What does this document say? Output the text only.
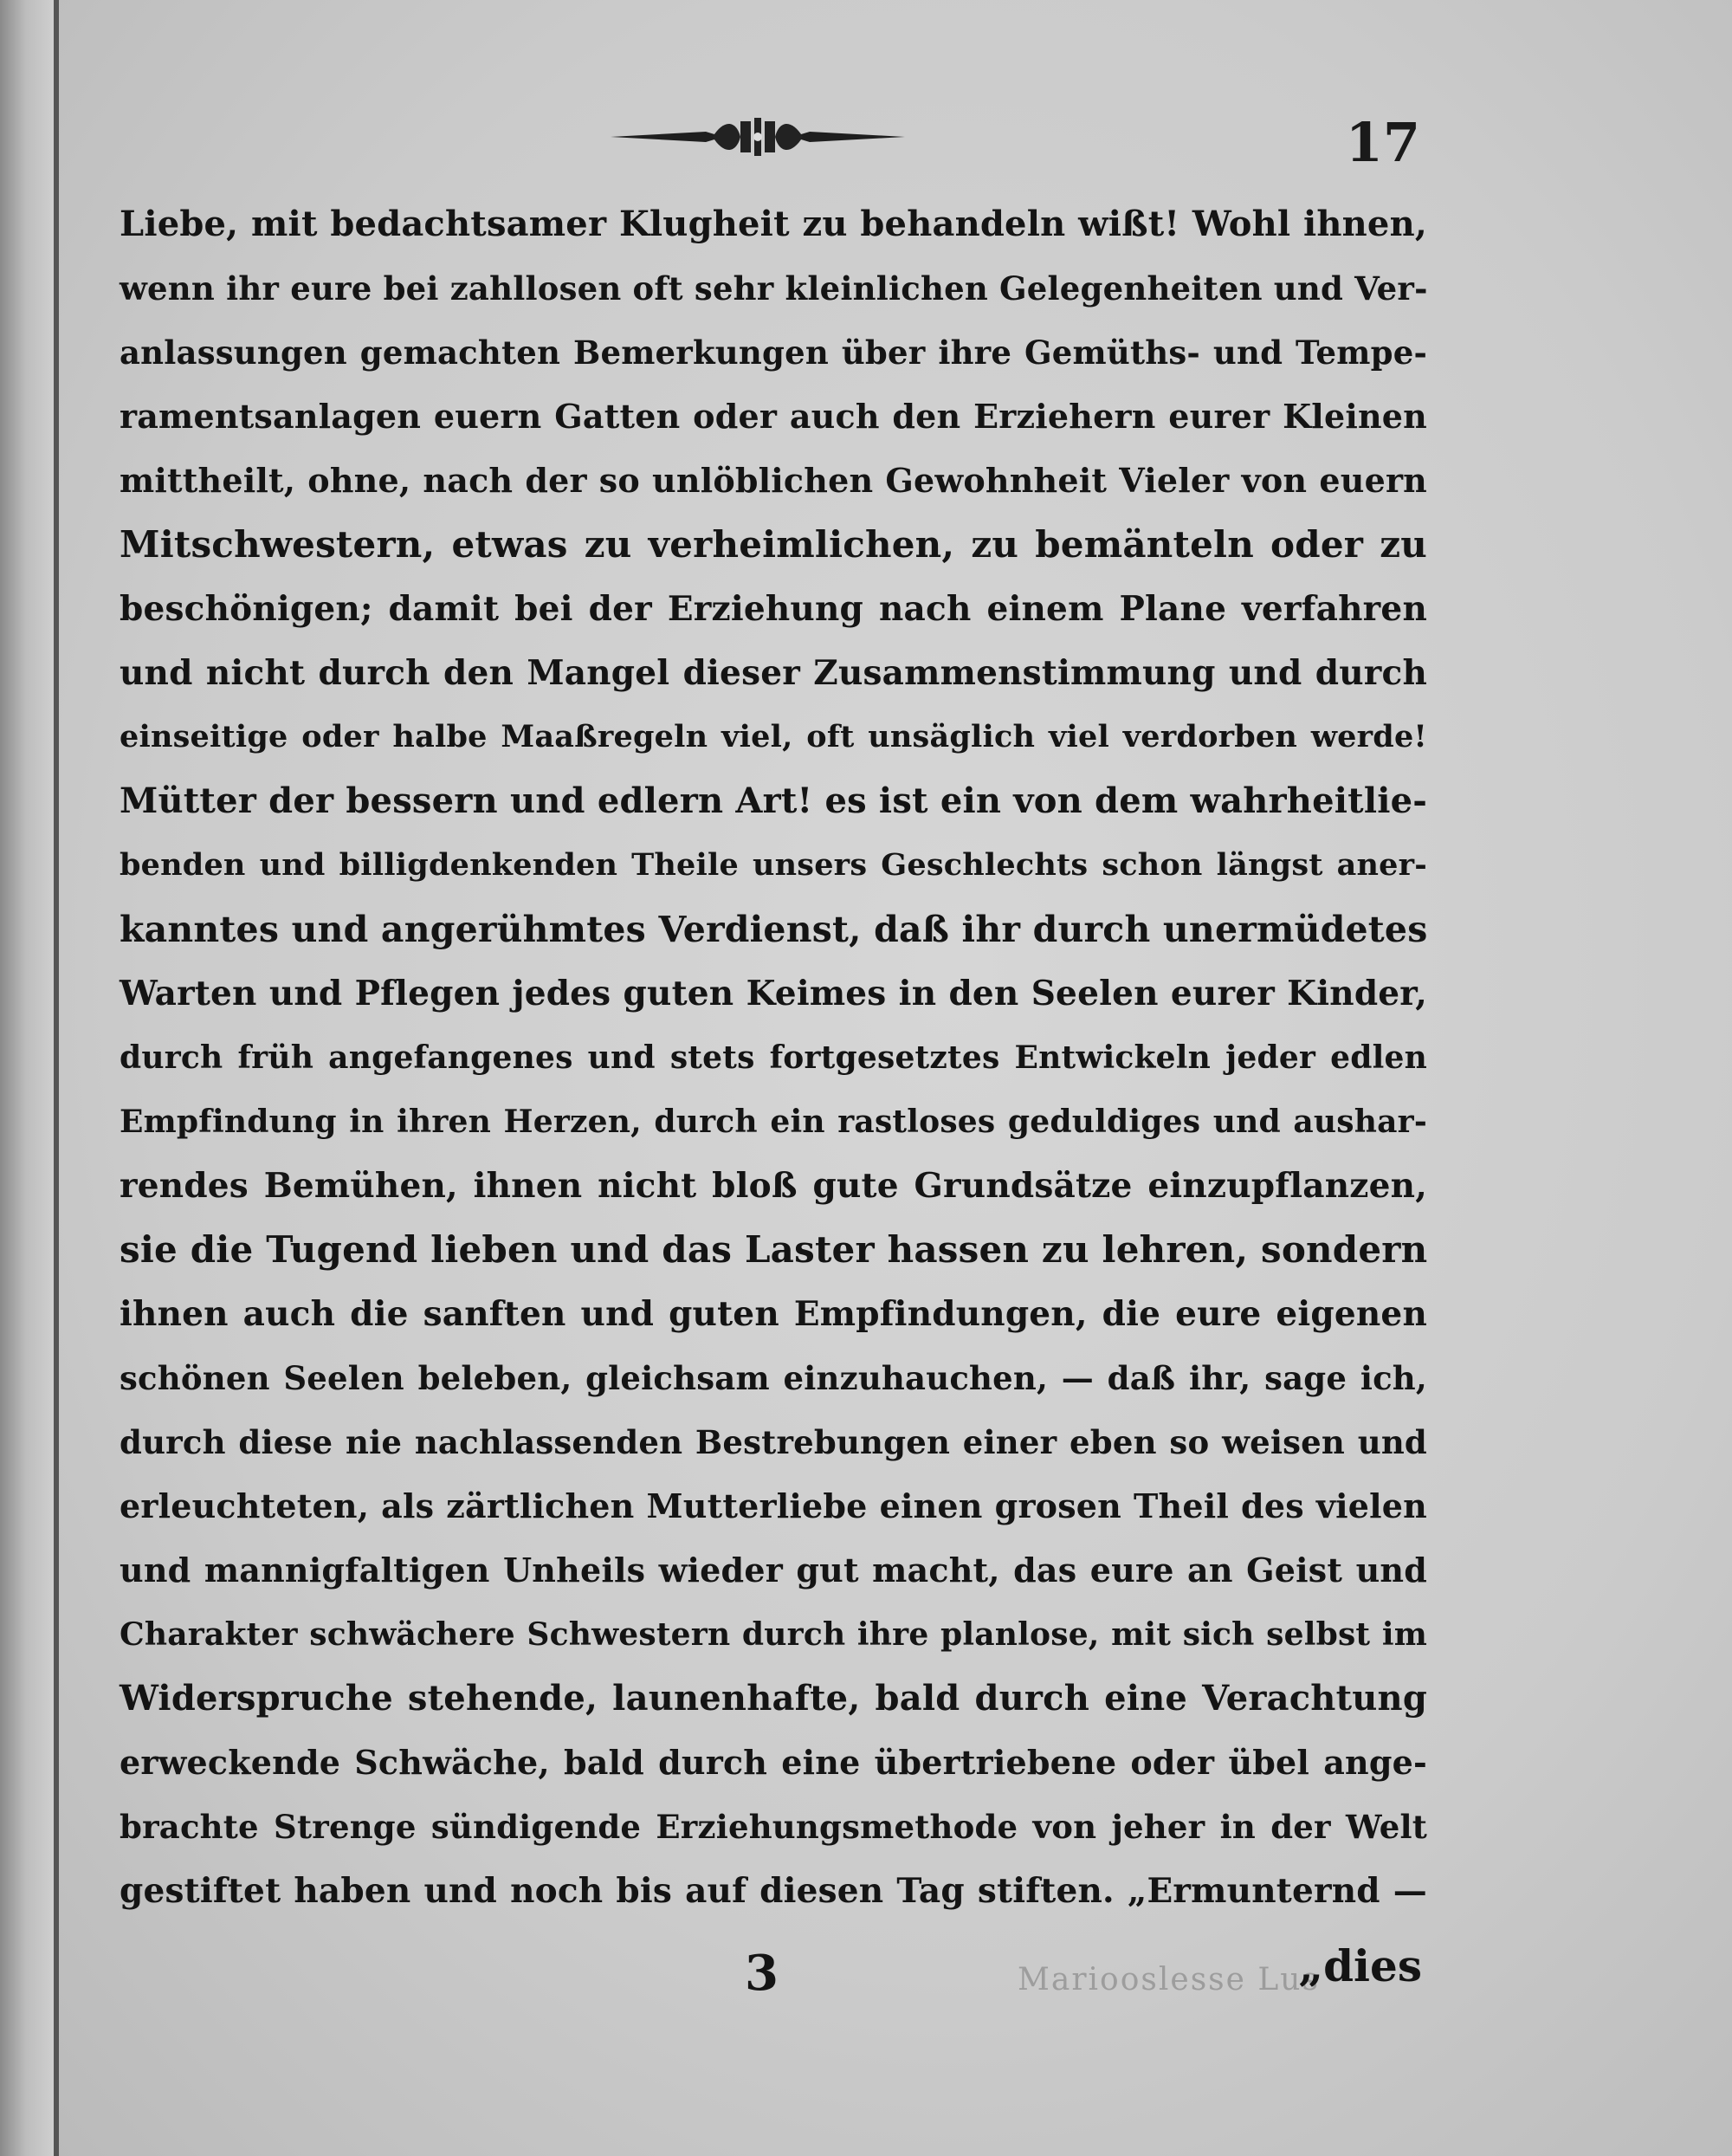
17
Liebe, mit bedachtsamer Klugheit zu behandeln wißt! Wohl ihnen,
wenn ihr eure bei zahllosen oft sehr kleinlichen Gelegenheiten und Ver-
anlassungen gemachten Bemerkungen über ihre Gemüths- und Tempe-
ramentsanlagen euern Gatten oder auch den Erziehern eurer Kleinen
mittheilt, ohne, nach der so unlöblichen Gewohnheit Vieler von euern
Mitschwestern, etwas zu verheimlichen, zu bemänteln oder zu
beschönigen; damit bei der Erziehung nach einem Plane verfahren
und nicht durch den Mangel dieser Zusammenstimmung und durch
einseitige oder halbe Maaßregeln viel, oft unsäglich viel verdorben werde!
Mütter der bessern und edlern Art! es ist ein von dem wahrheitlie-
benden und billigdenkenden Theile unsers Geschlechts schon längst aner-
kanntes und angerühmtes Verdienst, daß ihr durch unermüdetes
Warten und Pflegen jedes guten Keimes in den Seelen eurer Kinder,
durch früh angefangenes und stets fortgesetztes Entwickeln jeder edlen
Empfindung in ihren Herzen, durch ein rastloses geduldiges und aushar-
rendes Bemühen, ihnen nicht bloß gute Grundsätze einzupflanzen,
sie die Tugend lieben und das Laster hassen zu lehren, sondern
ihnen auch die sanften und guten Empfindungen, die eure eigenen
schönen Seelen beleben, gleichsam einzuhauchen, — daß ihr, sage ich,
durch diese nie nachlassenden Bestrebungen einer eben so weisen und
erleuchteten, als zärtlichen Mutterliebe einen grosen Theil des vielen
und mannigfaltigen Unheils wieder gut macht, das eure an Geist und
Charakter schwächere Schwestern durch ihre planlose, mit sich selbst im
Widerspruche stehende, launenhafte, bald durch eine Verachtung
erweckende Schwäche, bald durch eine übertriebene oder übel ange-
brachte Strenge sündigende Erziehungsmethode von jeher in der Welt
gestiftet haben und noch bis auf diesen Tag stiften. „Ermunternd —
3	Mariooslesse Lus
„dies
